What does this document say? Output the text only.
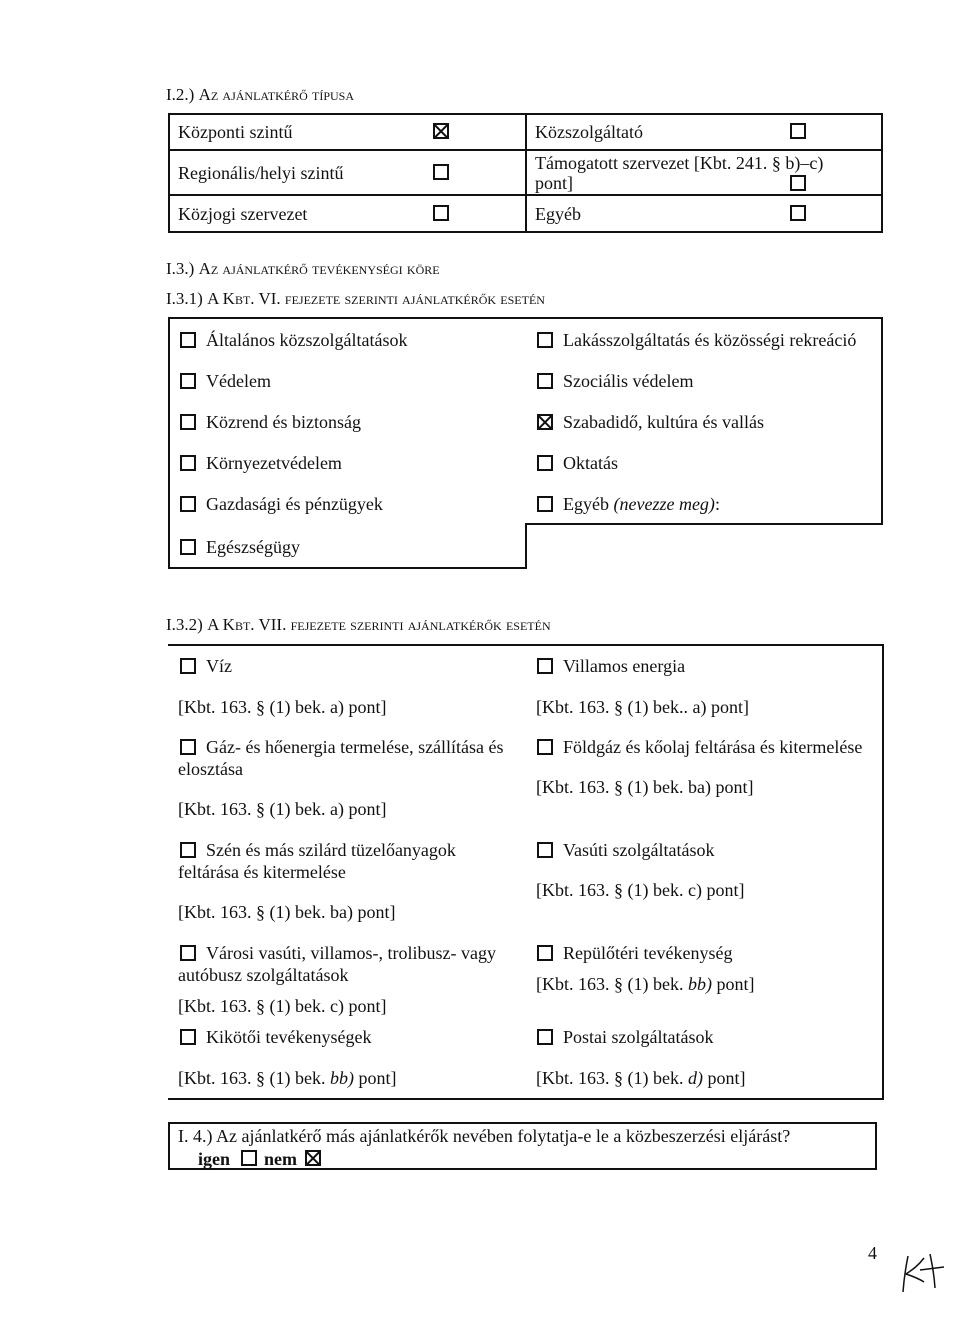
I.2.) Az ajánlatkérő típusa
Központi szintű	Közszolgáltató
Regionális/helyi szintű	Támogatott szervezet [Kbt. 241. § b)–c)
pont]
Közjogi szervezet	Egyéb
I.3.) Az ajánlatkérő tevékenységi köre
I.3.1) A Kbt. VI. fejezete szerinti ajánlatkérők esetén
Általános közszolgáltatások
Védelem
Közrend és biztonság
Környezetvédelem
Gazdasági és pénzügyek
Egészségügy
Lakásszolgáltatás és közösségi rekreáció
Szociális védelem
Szabadidő, kultúra és vallás
Oktatás
Egyéb (nevezze meg):
I.3.2) A Kbt. VII. fejezete szerinti ajánlatkérők esetén
Víz
[Kbt. 163. § (1) bek. a) pont]
Gáz- és hőenergia termelése, szállítása és
elosztása
[Kbt. 163. § (1) bek. a) pont]
Szén és más szilárd tüzelőanyagok
feltárása és kitermelése
[Kbt. 163. § (1) bek. ba) pont]
Városi vasúti, villamos-, trolibusz- vagy
autóbusz szolgáltatások
[Kbt. 163. § (1) bek. c) pont]
Kikötői tevékenységek
[Kbt. 163. § (1) bek. bb) pont]
Villamos energia
[Kbt. 163. § (1) bek.. a) pont]
Földgáz és kőolaj feltárása és kitermelése
[Kbt. 163. § (1) bek. ba) pont]
Vasúti szolgáltatások
[Kbt. 163. § (1) bek. c) pont]
Repülőtéri tevékenység
[Kbt. 163. § (1) bek. bb) pont]
Postai szolgáltatások
[Kbt. 163. § (1) bek. d) pont]
I. 4.) Az ajánlatkérő más ajánlatkérők nevében folytatja-e le a közbeszerzési eljárást?
igen nem
4
